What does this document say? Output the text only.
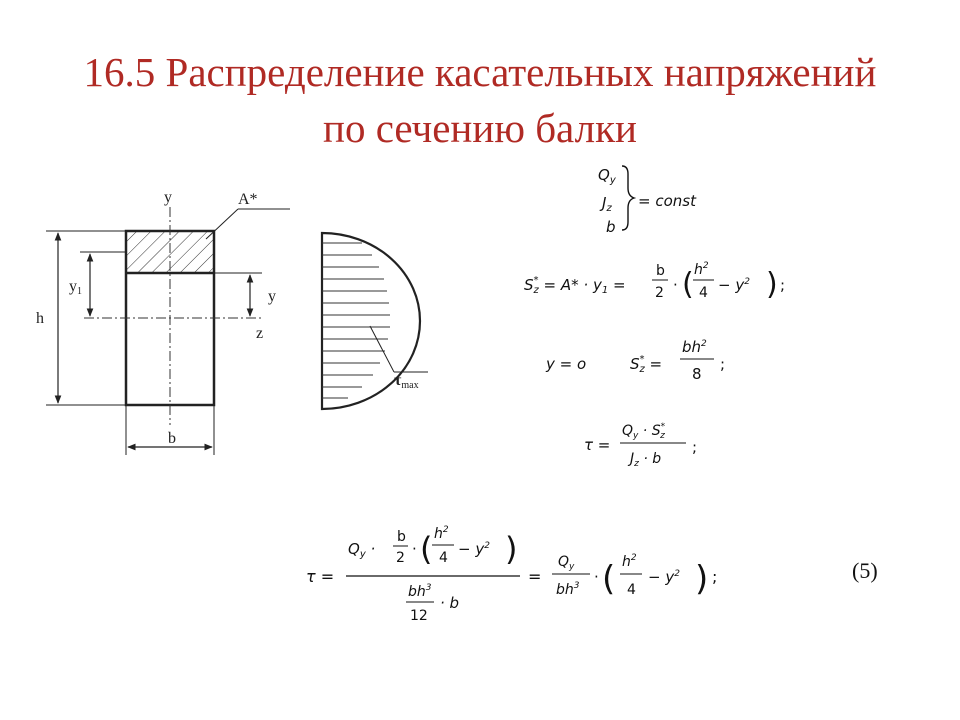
16.5 Распределение касательных напряжений
по сечению балки
y	A*
y1	y
z
h
b
τmax
$Q_y$
$J_z$
b
= const
S* $z = A* \cdot y_1$ =
b
2 · ( $h^2$
$4 - y^2$ ) ;
y = o	S* z =
$bh^2$
8
;
τ =
$Q_y \cdot S^*$ z
$J_z \cdot b$
;
τ =
$Q_y$ ·
b
2 · ( $h^2$
$4 - y^2$ )
$bh^3$
12
· b
=
$Q_y$
$bh^3$ · ( $h^2$
4
− $y^2$ ) ;	(5)
